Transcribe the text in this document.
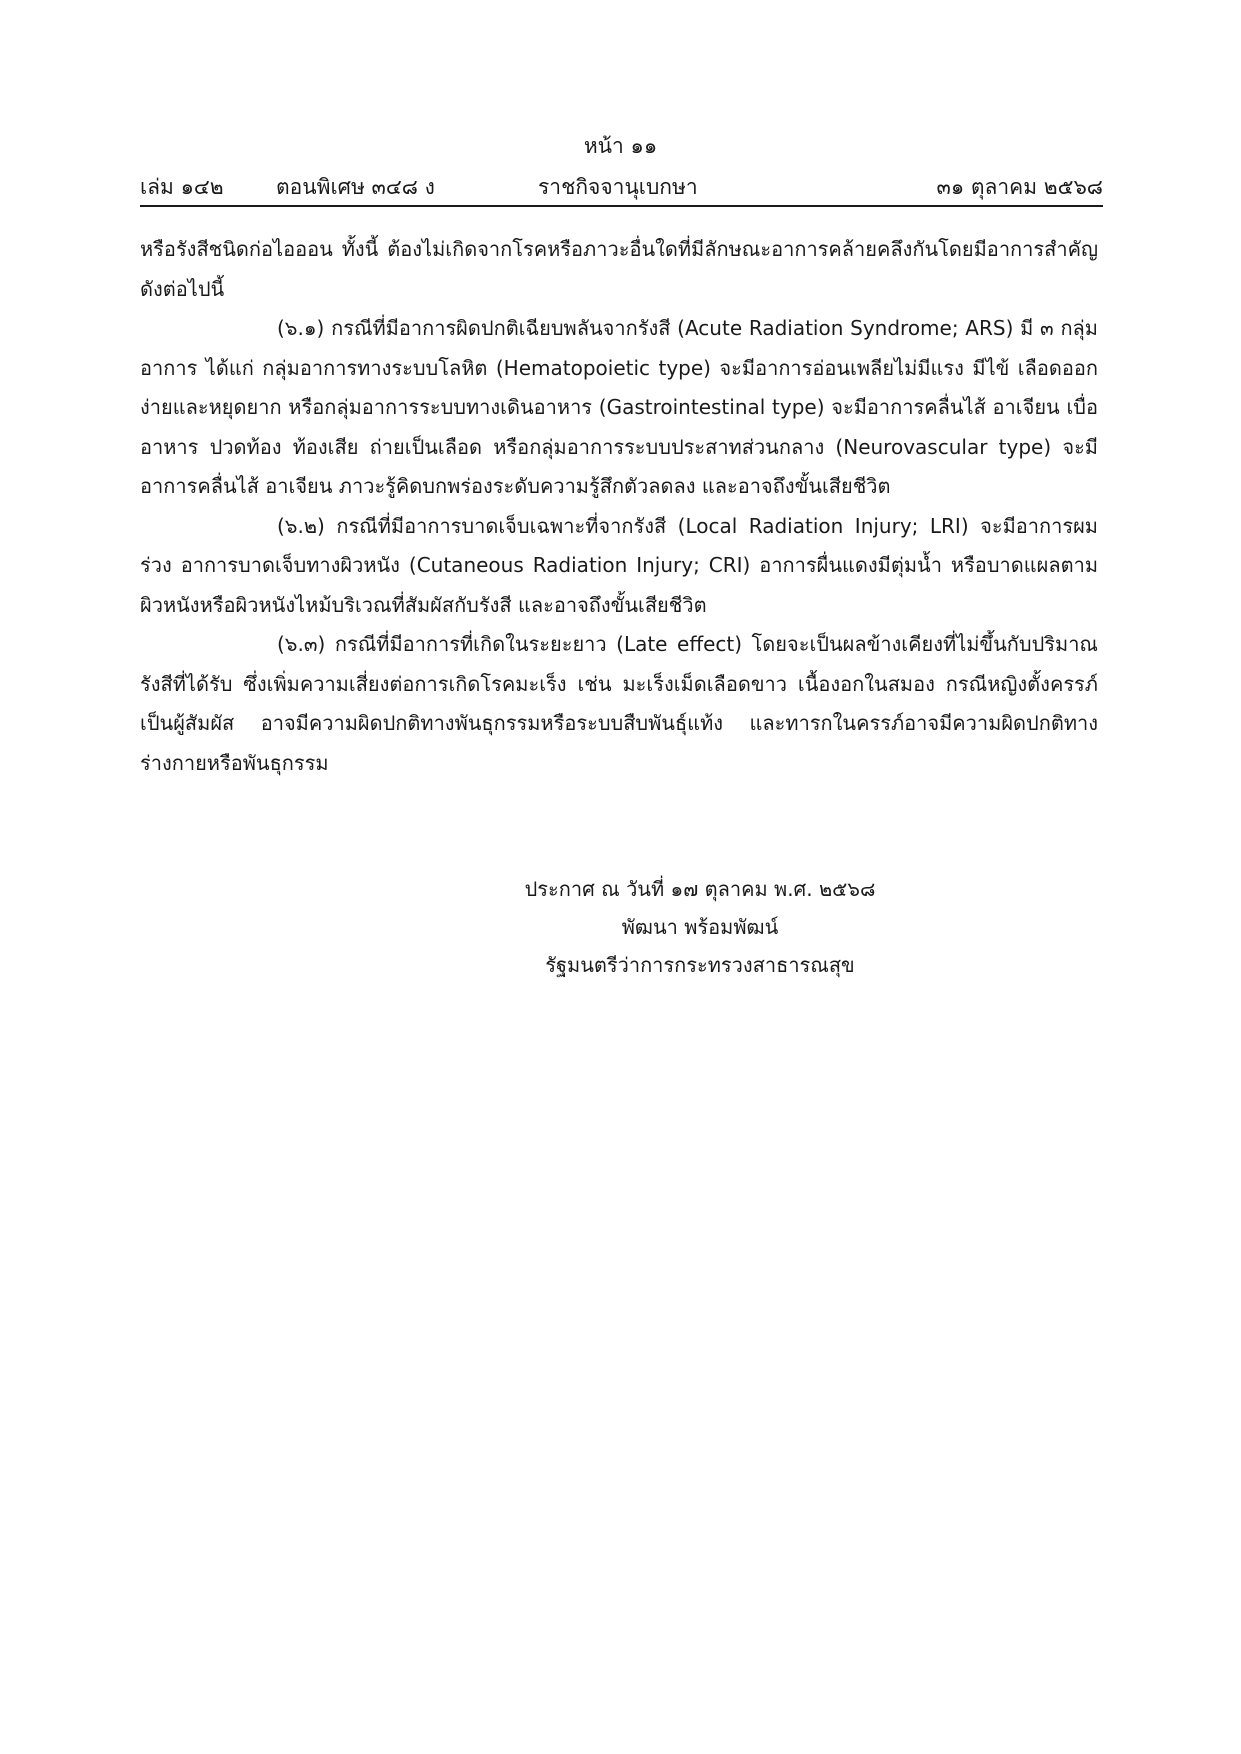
หน้า ๑๑
เล่ม ๑๔๒ ตอนพิเศษ ๓๔๘ ง	ราชกิจจานุเบกษา	๓๑ ตุลาคม ๒๕๖๘

หรือรังสีชนิดก่อไอออน ทั้งนี้ ต้องไม่เกิดจากโรคหรือภาวะอื่นใดที่มีลักษณะอาการคล้ายคลึงกันโดยมีอาการสำคัญ ดังต่อไปนี้

(๖.๑) กรณีที่มีอาการผิดปกติเฉียบพลันจากรังสี (Acute Radiation Syndrome; ARS) มี ๓ กลุ่มอาการ ได้แก่ กลุ่มอาการทางระบบโลหิต (Hematopoietic type) จะมีอาการอ่อนเพลียไม่มีแรง มีไข้ เลือดออกง่ายและหยุดยาก หรือกลุ่มอาการระบบทางเดินอาหาร (Gastrointestinal type) จะมีอาการคลื่นไส้ อาเจียน เบื่ออาหาร ปวดท้อง ท้องเสีย ถ่ายเป็นเลือด หรือกลุ่มอาการระบบประสาทส่วนกลาง (Neurovascular type) จะมีอาการคลื่นไส้ อาเจียน ภาวะรู้คิดบกพร่องระดับความรู้สึกตัวลดลง และอาจถึงขั้นเสียชีวิต

(๖.๒) กรณีที่มีอาการบาดเจ็บเฉพาะที่จากรังสี (Local Radiation Injury; LRI) จะมีอาการผมร่วง อาการบาดเจ็บทางผิวหนัง (Cutaneous Radiation Injury; CRI) อาการผื่นแดงมีตุ่มน้ำ หรือบาดแผลตามผิวหนังหรือผิวหนังไหม้บริเวณที่สัมผัสกับรังสี และอาจถึงขั้นเสียชีวิต

(๖.๓) กรณีที่มีอาการที่เกิดในระยะยาว (Late effect) โดยจะเป็นผลข้างเคียงที่ไม่ขึ้นกับปริมาณรังสีที่ได้รับ ซึ่งเพิ่มความเสี่ยงต่อการเกิดโรคมะเร็ง เช่น มะเร็งเม็ดเลือดขาว เนื้องอกในสมอง กรณีหญิงตั้งครรภ์เป็นผู้สัมผัส อาจมีความผิดปกติทางพันธุกรรมหรือระบบสืบพันธุ์แท้ง และทารกในครรภ์อาจมีความผิดปกติทางร่างกายหรือพันธุกรรม

ประกาศ ณ วันที่ ๑๗ ตุลาคม พ.ศ. ๒๕๖๘
พัฒนา พร้อมพัฒน์
รัฐมนตรีว่าการกระทรวงสาธารณสุข
